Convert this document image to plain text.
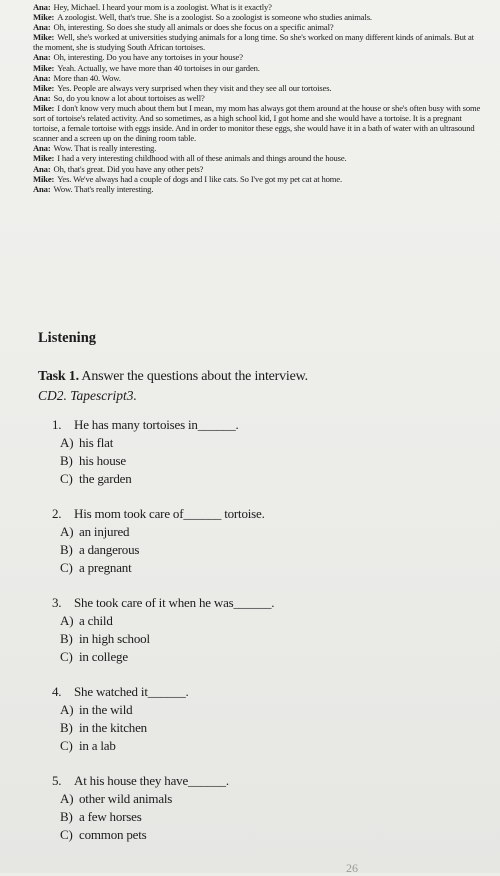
Ana: Hey, Michael. I heard your mom is a zoologist. What is it exactly?

Mike: A zoologist. Well, that's true. She is a zoologist. So a zoologist is someone who studies animals.

Ana: Oh, interesting. So does she study all animals or does she focus on a specific animal?

Mike: Well, she's worked at universities studying animals for a long time. So she's worked on many different kinds of animals. But at the moment, she is studying South African tortoises.

Ana: Oh, interesting. Do you have any tortoises in your house?

Mike: Yeah. Actually, we have more than 40 tortoises in our garden.

Ana: More than 40. Wow.

Mike: Yes. People are always very surprised when they visit and they see all our tortoises.

Ana: So, do you know a lot about tortoises as well?

Mike: I don't know very much about them but I mean, my mom has always got them around at the house or she's often busy with some sort of tortoise's related activity. And so sometimes, as a high school kid, I got home and she would have a tortoise. It is a pregnant tortoise, a female tortoise with eggs inside. And in order to monitor these eggs, she would have it in a bath of water with an ultrasound scanner and a screen up on the dining room table.

Ana: Wow. That is really interesting.

Mike: I had a very interesting childhood with all of these animals and things around the house.

Ana: Oh, that's great. Did you have any other pets?

Mike: Yes. We've always had a couple of dogs and I like cats. So I've got my pet cat at home.

Ana: Wow. That's really interesting.

Listening

Task 1. Answer the questions about the interview.

CD2. Tapescript3.

1. He has many tortoises in______.

A) his flat

B) his house

C) the garden

2. His mom took care of______ tortoise.

A) an injured

B) a dangerous

C) a pregnant

3. She took care of it when he was______.

A) a child

B) in high school

C) in college

4. She watched it______.

A) in the wild

B) in the kitchen

C) in a lab

5. At his house they have______.

A) other wild animals

B) a few horses

C) common pets

26
